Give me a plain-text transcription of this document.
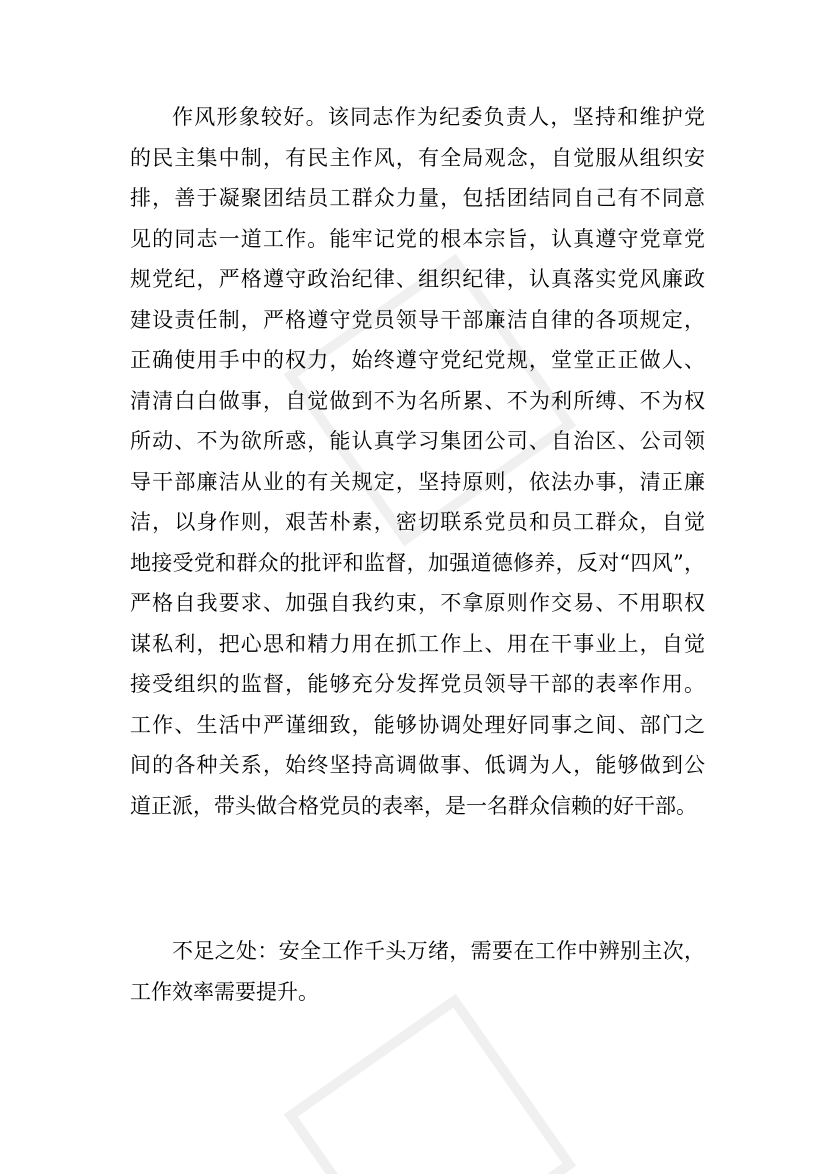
作风形象较好。该同志作为纪委负责人，坚持和维护党
的民主集中制，有民主作风，有全局观念，自觉服从组织安
排，善于凝聚团结员工群众力量，包括团结同自己有不同意
见的同志一道工作。能牢记党的根本宗旨，认真遵守党章党
规党纪，严格遵守政治纪律、组织纪律，认真落实党风廉政
建设责任制，严格遵守党员领导干部廉洁自律的各项规定，
正确使用手中的权力，始终遵守党纪党规，堂堂正正做人、
清清白白做事，自觉做到不为名所累、不为利所缚、不为权
所动、不为欲所惑，能认真学习集团公司、自治区、公司领
导干部廉洁从业的有关规定，坚持原则，依法办事，清正廉
洁，以身作则，艰苦朴素，密切联系党员和员工群众，自觉
地接受党和群众的批评和监督，加强道德修养，反对“四风”，
严格自我要求、加强自我约束，不拿原则作交易、不用职权
谋私利，把心思和精力用在抓工作上、用在干事业上，自觉
接受组织的监督，能够充分发挥党员领导干部的表率作用。
工作、生活中严谨细致，能够协调处理好同事之间、部门之
间的各种关系，始终坚持高调做事、低调为人，能够做到公
道正派，带头做合格党员的表率，是一名群众信赖的好干部。
不足之处：安全工作千头万绪，需要在工作中辨别主次，
工作效率需要提升。
